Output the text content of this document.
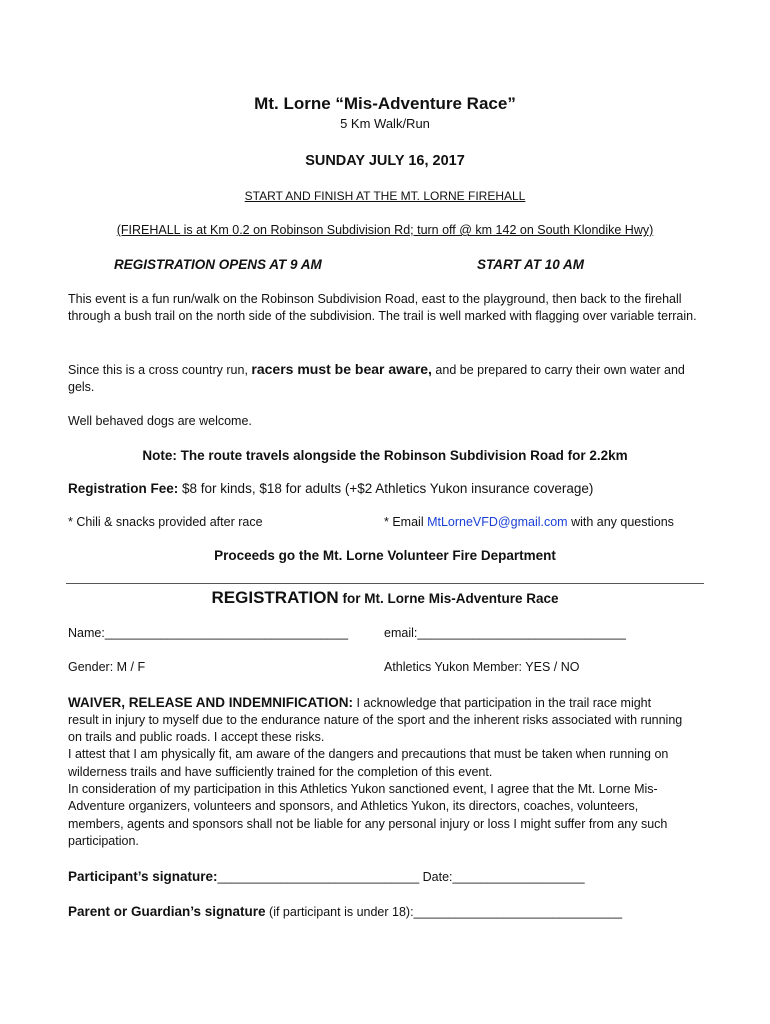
Mt. Lorne “Mis-Adventure Race”
5 Km Walk/Run
SUNDAY JULY 16, 2017
START AND FINISH AT THE MT. LORNE FIREHALL
(FIREHALL is at Km 0.2 on Robinson Subdivision Rd; turn off @ km 142 on South Klondike Hwy)
REGISTRATION OPENS AT 9 AM	START AT 10 AM
This event is a fun run/walk on the Robinson Subdivision Road, east to the playground, then back to the firehall through a bush trail on the north side of the subdivision. The trail is well marked with flagging over variable terrain.
Since this is a cross country run, racers must be bear aware, and be prepared to carry their own water and gels.
Well behaved dogs are welcome.
Note: The route travels alongside the Robinson Subdivision Road for 2.2km
Registration Fee: $8 for kinds, $18 for adults (+$2 Athletics Yukon insurance coverage)
* Chili & snacks provided after race	* Email MtLorneVFD@gmail.com with any questions
Proceeds go the Mt. Lorne Volunteer Fire Department
REGISTRATION for Mt. Lorne Mis-Adventure Race
Name:___________________________________	email:______________________________
Gender: M / F	Athletics Yukon Member: YES / NO
WAIVER, RELEASE AND INDEMNIFICATION: I acknowledge that participation in the trail race might
result in injury to myself due to the endurance nature of the sport and the inherent risks associated with running
on trails and public roads. I accept these risks.
I attest that I am physically fit, am aware of the dangers and precautions that must be taken when running on
wilderness trails and have sufficiently trained for the completion of this event.
In consideration of my participation in this Athletics Yukon sanctioned event, I agree that the Mt. Lorne Mis-
Adventure organizers, volunteers and sponsors, and Athletics Yukon, its directors, coaches, volunteers,
members, agents and sponsors shall not be liable for any personal injury or loss I might suffer from any such
participation.
Participant’s signature:_____________________________ Date:___________________
Parent or Guardian’s signature (if participant is under 18):______________________________
